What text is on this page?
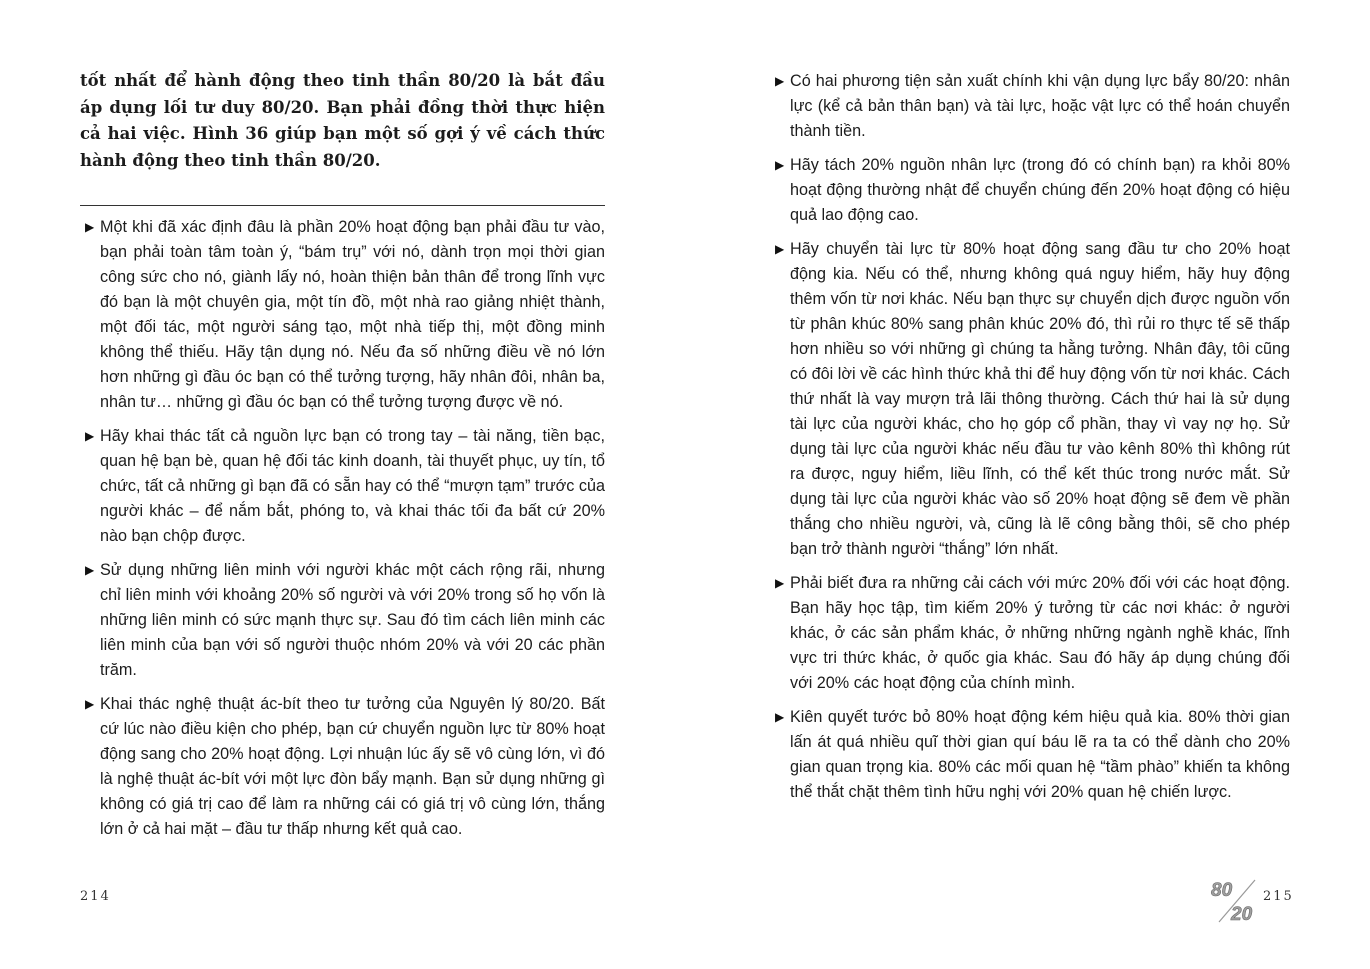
tốt nhất để hành động theo tinh thần 80/20 là bắt đầu áp dụng lối tư duy 80/20. Bạn phải đồng thời thực hiện cả hai việc. Hình 36 giúp bạn một số gợi ý về cách thức hành động theo tinh thần 80/20.

▶ Một khi đã xác định đâu là phần 20% hoạt động bạn phải đầu tư vào, bạn phải toàn tâm toàn ý, “bám trụ” với nó, dành trọn mọi thời gian công sức cho nó, giành lấy nó, hoàn thiện bản thân để trong lĩnh vực đó bạn là một chuyên gia, một tín đồ, một nhà rao giảng nhiệt thành, một đối tác, một người sáng tạo, một nhà tiếp thị, một đồng minh không thể thiếu. Hãy tận dụng nó. Nếu đa số những điều về nó lớn hơn những gì đầu óc bạn có thể tưởng tượng, hãy nhân đôi, nhân ba, nhân tư… những gì đầu óc bạn có thể tưởng tượng được về nó.
▶ Hãy khai thác tất cả nguồn lực bạn có trong tay – tài năng, tiền bạc, quan hệ bạn bè, quan hệ đối tác kinh doanh, tài thuyết phục, uy tín, tổ chức, tất cả những gì bạn đã có sẵn hay có thể “mượn tạm” trước của người khác – để nắm bắt, phóng to, và khai thác tối đa bất cứ 20% nào bạn chộp được.
▶ Sử dụng những liên minh với người khác một cách rộng rãi, nhưng chỉ liên minh với khoảng 20% số người và với 20% trong số họ vốn là những liên minh có sức mạnh thực sự. Sau đó tìm cách liên minh các liên minh của bạn với số người thuộc nhóm 20% và với 20 các phần trăm.
▶ Khai thác nghệ thuật ác-bít theo tư tưởng của Nguyên lý 80/20. Bất cứ lúc nào điều kiện cho phép, bạn cứ chuyển nguồn lực từ 80% hoạt động sang cho 20% hoạt động. Lợi nhuận lúc ấy sẽ vô cùng lớn, vì đó là nghệ thuật ác-bít với một lực đòn bẩy mạnh. Bạn sử dụng những gì không có giá trị cao để làm ra những cái có giá trị vô cùng lớn, thắng lớn ở cả hai mặt – đầu tư thấp nhưng kết quả cao.
214
▶ Có hai phương tiện sản xuất chính khi vận dụng lực bẩy 80/20: nhân lực (kể cả bản thân bạn) và tài lực, hoặc vật lực có thể hoán chuyển thành tiền.
▶ Hãy tách 20% nguồn nhân lực (trong đó có chính bạn) ra khỏi 80% hoạt động thường nhật để chuyển chúng đến 20% hoạt động có hiệu quả lao động cao.
▶ Hãy chuyển tài lực từ 80% hoạt động sang đầu tư cho 20% hoạt động kia. Nếu có thể, nhưng không quá nguy hiểm, hãy huy động thêm vốn từ nơi khác. Nếu bạn thực sự chuyển dịch được nguồn vốn từ phân khúc 80% sang phân khúc 20% đó, thì rủi ro thực tế sẽ thấp hơn nhiều so với những gì chúng ta hằng tưởng. Nhân đây, tôi cũng có đôi lời về các hình thức khả thi để huy động vốn từ nơi khác. Cách thứ nhất là vay mượn trả lãi thông thường. Cách thứ hai là sử dụng tài lực của người khác, cho họ góp cổ phần, thay vì vay nợ họ. Sử dụng tài lực của người khác nếu đầu tư vào kênh 80% thì không rút ra được, nguy hiểm, liều lĩnh, có thể kết thúc trong nước mắt. Sử dụng tài lực của người khác vào số 20% hoạt động sẽ đem về phần thắng cho nhiều người, và, cũng là lẽ công bằng thôi, sẽ cho phép bạn trở thành người “thắng” lớn nhất.
▶ Phải biết đưa ra những cải cách với mức 20% đối với các hoạt động. Bạn hãy học tập, tìm kiếm 20% ý tưởng từ các nơi khác: ở người khác, ở các sản phẩm khác, ở những những ngành nghề khác, lĩnh vực tri thức khác, ở quốc gia khác. Sau đó hãy áp dụng chúng đối với 20% các hoạt động của chính mình.
▶ Kiên quyết tước bỏ 80% hoạt động kém hiệu quả kia. 80% thời gian lấn át quá nhiều quĩ thời gian quí báu lẽ ra ta có thể dành cho 20% gian quan trọng kia. 80% các mối quan hệ “tầm phào” khiến ta không thể thắt chặt thêm tình hữu nghị với 20% quan hệ chiến lược.
80
20
215
